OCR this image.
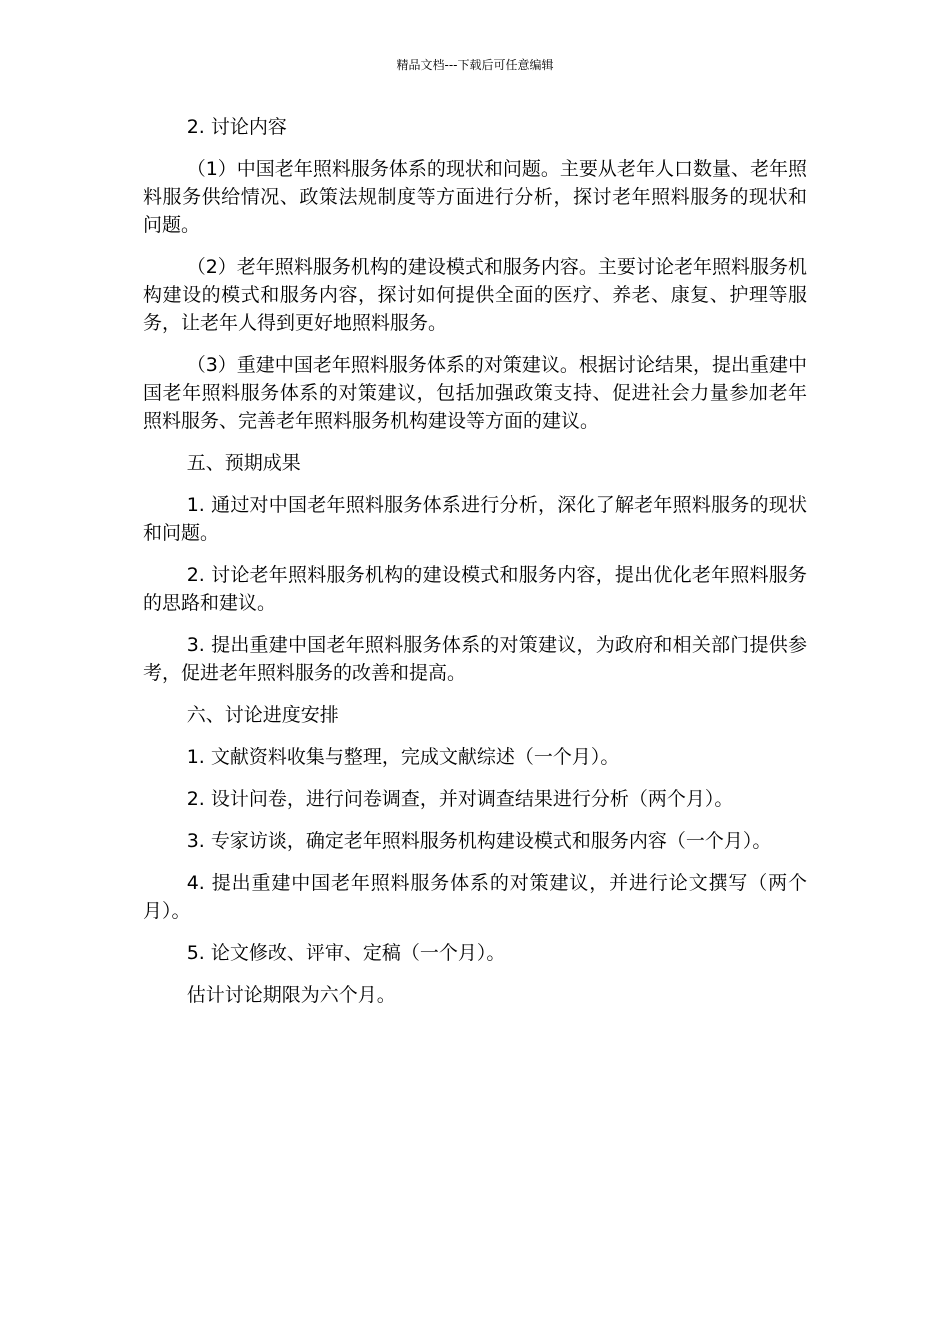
精品文档---下载后可任意编辑

2. 讨论内容

（1）中国老年照料服务体系的现状和问题。主要从老年人口数量、老年照料服务供给情况、政策法规制度等方面进行分析，探讨老年照料服务的现状和问题。

（2）老年照料服务机构的建设模式和服务内容。主要讨论老年照料服务机构建设的模式和服务内容，探讨如何提供全面的医疗、养老、康复、护理等服务，让老年人得到更好地照料服务。

（3）重建中国老年照料服务体系的对策建议。根据讨论结果，提出重建中国老年照料服务体系的对策建议，包括加强政策支持、促进社会力量参加老年照料服务、完善老年照料服务机构建设等方面的建议。

五、预期成果

1. 通过对中国老年照料服务体系进行分析，深化了解老年照料服务的现状和问题。

2. 讨论老年照料服务机构的建设模式和服务内容，提出优化老年照料服务的思路和建议。

3. 提出重建中国老年照料服务体系的对策建议，为政府和相关部门提供参考，促进老年照料服务的改善和提高。

六、讨论进度安排

1. 文献资料收集与整理，完成文献综述（一个月）。

2. 设计问卷，进行问卷调查，并对调查结果进行分析（两个月）。

3. 专家访谈，确定老年照料服务机构建设模式和服务内容（一个月）。

4. 提出重建中国老年照料服务体系的对策建议，并进行论文撰写（两个月）。

5. 论文修改、评审、定稿（一个月）。

估计讨论期限为六个月。
